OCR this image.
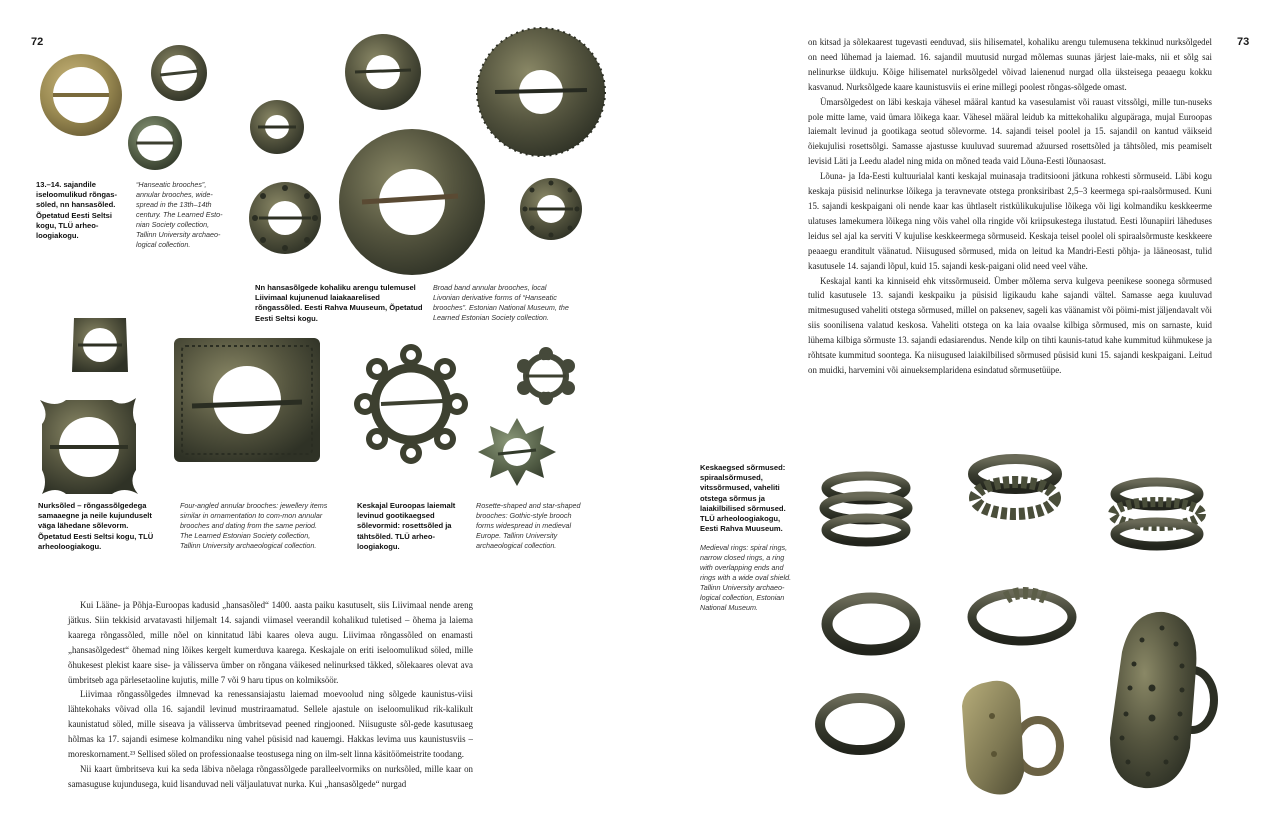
72	73
13.–14. sajandile iseloomulikud rõngas-söled, nn hansasõled. Õpetatud Eesti Seltsi kogu, TLÜ arheo-loogiakogu.
“Hanseatic brooches”, annular brooches, wide-spread in the 13th–14th century. The Learned Esto-nian Society collection, Tallinn University archaeo-logical collection.
Nn hansasõlgede kohaliku arengu tulemusel Liivimaal kujunenud laiakaarelised rõngassõled. Eesti Rahva Muuseum, Õpetatud Eesti Seltsi kogu.
Broad band annular brooches, local Livonian derivative forms of “Hanseatic brooches”. Estonian National Museum, the Learned Estonian Society collection.
Nurksõled – rõngassõlgedega samaaegne ja neile kujunduselt väga lähedane sõlevorm. Õpetatud Eesti Seltsi kogu, TLÜ arheoloogiakogu.
Four-angled annular brooches: jewellery items similar in ornamentation to com-mon annular brooches and dating from the same period. The Learned Estonian Society collection, Tallinn University archaeological collection.
Keskajal Euroopas laiemalt levinud gootikaegsed sõlevormid: rosettsõled ja tähtsõled. TLÜ arheo-loogiakogu.
Rosette-shaped and star-shaped brooches: Gothic-style brooch forms widespread in medieval Europe. Tallinn University archaeological collection.

Kui Lääne- ja Põhja-Euroopas kadusid „hansasõled“ 1400. aasta paiku kasutuselt, siis Liivimaal nende areng jätkus. Siin tekkisid arvatavasti hiljemalt 14. sajandi viimasel veerandil kohalikud tuletised – õhema ja laiema kaarega rõngassõled, mille nõel on kinnitatud läbi kaares oleva augu. Liivimaa rõngassõled on enamasti „hansasõlgedest“ õhemad ning lõikes kergelt kumerduva kaarega. Keskajale on eriti iseloomulikud söled, mille õhukesest plekist kaare sise- ja välisserva ümber on rõngana väikesed nelinurksed täkked, sõlekaares olevat ava ümbritseb aga pärlesetaoline kujutis, mille 7 või 9 haru tipus on kolmiksöör.

Liivimaa rõngassõlgedes ilmnevad ka renessansiajastu laiemad moevoolud ning sõlgede kaunistus-viisi lähtekohaks võivad olla 16. sajandil levinud mustriraamatud. Sellele ajastule on iseloomulikud rik-kalikult kaunistatud söled, mille siseava ja välisserva ümbritsevad peened ringjooned. Niisuguste sõl-gede kasutusaeg hõlmas ka 17. sajandi esimese kolmandiku ning vahel püsisid nad kauemgi. Hakkas levima uus kaunistusviis – moreskornament.²³ Sellised söled on professionaalse teostusega ning on ilm-selt linna käsitöömeistrite toodang.

Nii kaart ümbritseva kui ka seda läbiva nõelaga rõngassõlgede paralleelvormiks on nurksõled, mille kaar on samasuguse kujundusega, kuid lisanduvad neli väljaulatuvat nurka. Kui „hansasõlgede“ nurgad

on kitsad ja sõlekaarest tugevasti eenduvad, siis hilisematel, kohaliku arengu tulemusena tekkinud nurksõlgedel on need lühemad ja laiemad. 16. sajandil muutusid nurgad mõlemas suunas järjest laie-maks, nii et sõlg sai nelinurkse üldkuju. Kõige hilisematel nurksõlgedel võivad laienenud nurgad olla üksteisega peaaegu kokku kasvanud. Nurksõlgede kaare kaunistusviis ei erine millegi poolest rõngas-sõlgede omast.

Ümarsõlgedest on läbi keskaja vähesel määral kantud ka vasesulamist või rauast vitssõlgi, mille tun-nuseks pole mitte lame, vaid ümara lõikega kaar. Vähesel määral leidub ka mittekohaliku algupäraga, mujal Euroopas laiemalt levinud ja gootikaga seotud sõlevorme. 14. sajandi teisel poolel ja 15. sajandil on kantud väikseid õiekujulisi rosettsõlgi. Samasse ajastusse kuuluvad suuremad ažuursed rosettsõled ja tähtsõled, mis peamiselt levisid Läti ja Leedu aladel ning mida on mõned teada vaid Lõuna-Eesti lõunaosast.

Lõuna- ja Ida-Eesti kultuurialal kanti keskajal muinasaja traditsiooni jätkuna rohkesti sõrmuseid. Läbi kogu keskaja püsisid nelinurkse lõikega ja teravnevate otstega pronksiribast 2,5–3 keermega spi-raalsõrmused. Kuni 15. sajandi keskpaigani oli nende kaar kas ühtlaselt ristkülikukujulise lõikega või ligi kolmandiku keskkeerme ulatuses lamekumera lõikega ning võis vahel olla ringide või kriipsukestega ilustatud. Eesti lõunapiiri läheduses leidus sel ajal ka serviti V kujulise keskkeermega sõrmuseid. Keskaja teisel poolel oli spiraalsõrmuste keskkeere peaaegu eranditult väänatud. Niisugused sõrmused, mida on leitud ka Mandri-Eesti põhja- ja lääneosast, tulid kasutusele 14. sajandi lõpul, kuid 15. sajandi kesk-paigani olid need veel vähe.

Keskajal kanti ka kinniseid ehk vitssõrmuseid. Ümber mõlema serva kulgeva peenikese soonega sõrmused tulid kasutusele 13. sajandi keskpaiku ja püsisid ligikaudu kahe sajandi vältel. Samasse aega kuuluvad mitmesugused vaheliti otstega sõrmused, millel on paksenev, sageli kas väänamist või pöimi-mist jäljendavalt või siis soonilisena valatud keskosa. Vaheliti otstega on ka laia ovaalse kilbiga sõrmused, mis on sarnaste, kuid lühema kilbiga sõrmuste 13. sajandi edasiarendus. Nende kilp on tihti kaunis-tatud kahe kummitud kühmukese ja rõhtsate kummitud soontega. Ka niisugused laiakilbilised sõrmused püsisid kuni 15. sajandi keskpaigani. Leitud on muidki, harvemini või ainueksemplaridena esindatud sõrmusetüüpe.

Keskaegsed sõrmused: spiraalsõrmused, vitssõrmused, vaheliti otstega sõrmus ja laiakilbilised sõrmused. TLÜ arheoloogiakogu, Eesti Rahva Muuseum.
Medieval rings: spiral rings, narrow closed rings, a ring with overlapping ends and rings with a wide oval shield. Tallinn University archaeo-logical collection, Estonian National Museum.
